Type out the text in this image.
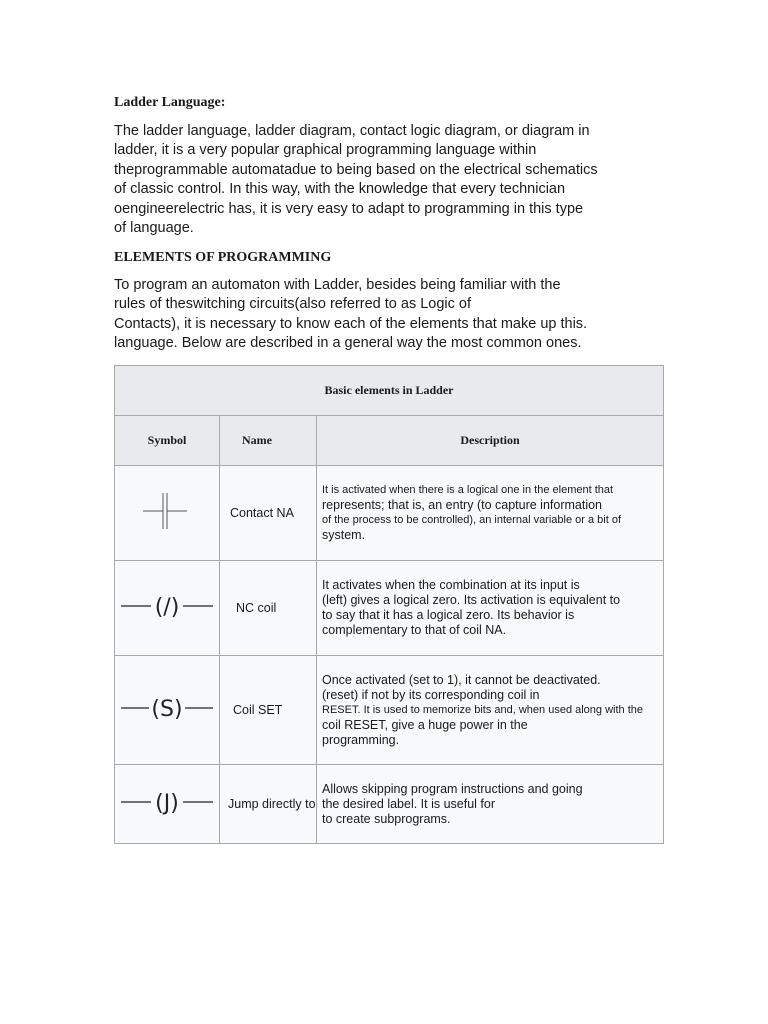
Ladder Language:

The ladder language, ladder diagram, contact logic diagram, or diagram in
ladder, it is a very popular graphical programming language within
theprogrammable automatadue to being based on the electrical schematics
of classic control. In this way, with the knowledge that every technician
oengineerelectric has, it is very easy to adapt to programming in this type
of language.

ELEMENTS OF PROGRAMMING

To program an automaton with Ladder, besides being familiar with the
rules of theswitching circuits(also referred to as Logic of
Contacts), it is necessary to know each of the elements that make up this.
language. Below are described in a general way the most common ones.

Basic elements in Ladder		
Symbol	Name	Description
	Contact NA	It is activated when there is a logical one in the element that
represents; that is, an entry (to capture information
of the process to be controlled), an internal variable or a bit of
system.

(/)	NC coil	It activates when the combination at its input is
(left) gives a logical zero. Its activation is equivalent to
to say that it has a logical zero. Its behavior is
complementary to that of coil NA.

(S)	Coil SET	Once activated (set to 1), it cannot be deactivated.
(reset) if not by its corresponding coil in
RESET. It is used to memorize bits and, when used along with the
coil RESET, give a huge power in the
programming.

(J)	Jump directly to	Allows skipping program instructions and going
the desired label. It is useful for
to create subprograms.
